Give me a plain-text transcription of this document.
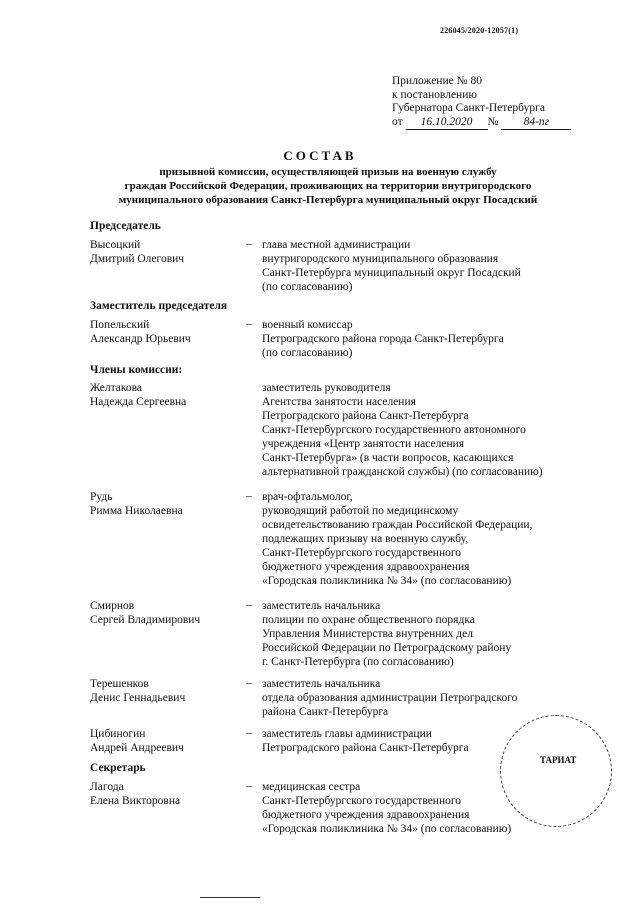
226045/2020-12057(1)
Приложение № 80
к постановлению
Губернатора Санкт-Петербурга
от 16.10.2020 № 84-пг
СОСТАВ
призывной комиссии, осуществляющей призыв на военную службу
граждан Российской Федерации, проживающих на территории внутригородского
муниципального образования Санкт-Петербурга муниципальный округ Посадский
Председатель
Высоцкий
Дмитрий Олегович
– глава местной администрации
внутригородского муниципального образования
Санкт-Петербурга муниципальный округ Посадский
(по согласованию)
Заместитель председателя
Попельский
Александр Юрьевич
– военный комиссар
Петроградского района города Санкт-Петербурга
(по согласованию)
Члены комиссии:
Желтакова
Надежда Сергеевна
заместитель руководителя
Агентства занятости населения
Петроградского района Санкт-Петербурга
Санкт-Петербургского государственного автономного
учреждения «Центр занятости населения
Санкт-Петербурга» (в части вопросов, касающихся
альтернативной гражданской службы) (по согласованию)
Рудь
Римма Николаевна
– врач-офтальмолог,
руководящий работой по медицинскому
освидетельствованию граждан Российской Федерации,
подлежащих призыву на военную службу,
Санкт-Петербургского государственного
бюджетного учреждения здравоохранения
«Городская поликлиника № 34» (по согласованию)
Смирнов
Сергей Владимирович
– заместитель начальника
полиции по охране общественного порядка
Управления Министерства внутренних дел
Российской Федерации по Петроградскому району
г. Санкт-Петербурга (по согласованию)
Терешенков
Денис Геннадьевич
– заместитель начальника
отдела образования администрации Петроградского
района Санкт-Петербурга
Цибиногин
Андрей Андреевич
– заместитель главы администрации
Петроградского района Санкт-Петербурга
Секретарь
Лагода
Елена Викторовна
– медицинская сестра
Санкт-Петербургского государственного
бюджетного учреждения здравоохранения
«Городская поликлиника № 34» (по согласованию)
ТАРИАТ
